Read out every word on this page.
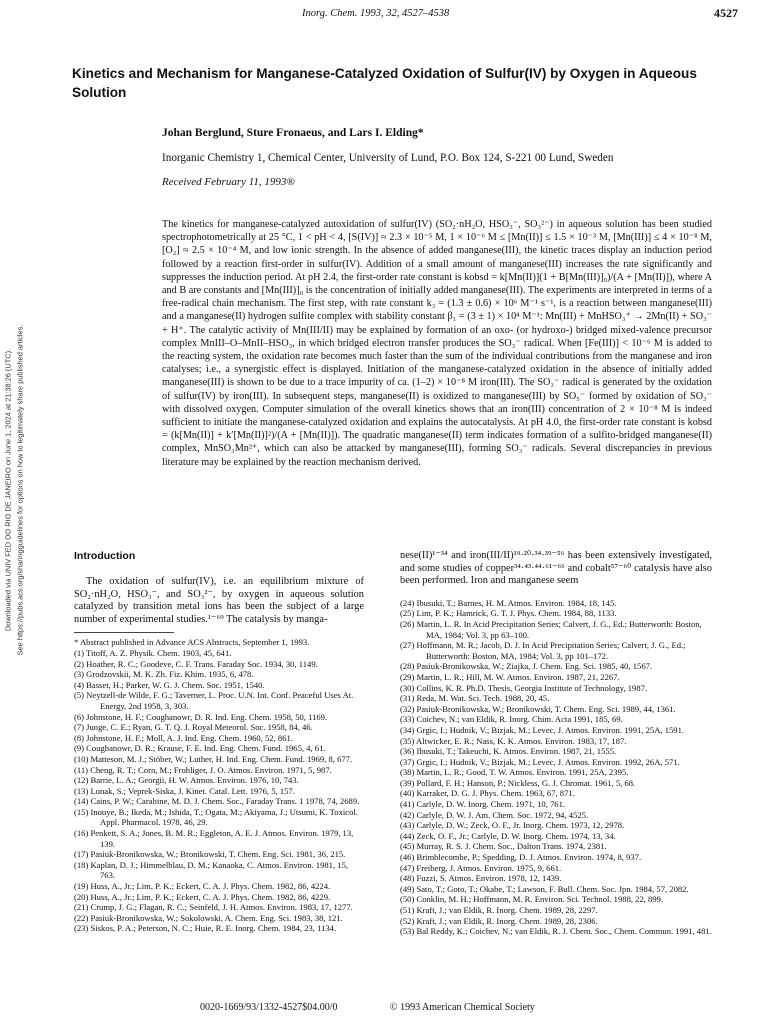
Inorg. Chem. 1993, 32, 4527–4538	4527
Kinetics and Mechanism for Manganese-Catalyzed Oxidation of Sulfur(IV) by Oxygen in Aqueous Solution
Johan Berglund, Sture Fronaeus, and Lars I. Elding*
Inorganic Chemistry 1, Chemical Center, University of Lund, P.O. Box 124, S-221 00 Lund, Sweden
Received February 11, 1993®
The kinetics for manganese-catalyzed autoxidation of sulfur(IV) (SO₂·nH₂O, HSO₃⁻, SO₃²⁻) in aqueous solution has been studied spectrophotometrically at 25 °C, 1 < pH < 4, [S(IV)] ≈ 2.3 × 10⁻⁵ M, 1 × 10⁻⁶ M ≤ [Mn(II)] ≤ 1.5 × 10⁻³ M, [Mn(III)] ≤ 4 × 10⁻⁸ M, [O₂] ≈ 2.5 × 10⁻⁴ M, and low ionic strength. In the absence of added manganese(III), the kinetic traces display an induction period followed by a reaction first-order in sulfur(IV). Addition of a small amount of manganese(III) increases the rate significantly and suppresses the induction period. At pH 2.4, the first-order rate constant is kobsd = k[Mn(II)](1 + B[Mn(III)]₀)/(A + [Mn(II)]), where A and B are constants and [Mn(III)]₀ is the concentration of initially added manganese(III). The experiments are interpreted in terms of a free-radical chain mechanism. The first step, with rate constant k₃ = (1.3 ± 0.6) × 10⁶ M⁻¹ s⁻¹, is a reaction between manganese(III) and a manganese(II) hydrogen sulfite complex with stability constant β₁ = (3 ± 1) × 10⁴ M⁻¹: Mn(III) + MnHSO₃⁺ → 2Mn(II) + SO₃⁻ + H⁺. The catalytic activity of Mn(III/II) may be explained by formation of an oxo- (or hydroxo-) bridged mixed-valence precursor complex MnIII–O–MnII–HSO₃, in which bridged electron transfer produces the SO₃⁻ radical. When [Fe(III)] < 10⁻⁶ M is added to the reacting system, the oxidation rate becomes much faster than the sum of the individual contributions from the manganese and iron catalyses; i.e., a synergistic effect is displayed. Initiation of the manganese-catalyzed oxidation in the absence of initially added manganese(III) is shown to be due to a trace impurity of ca. (1–2) × 10⁻⁸ M iron(III). The SO₃⁻ radical is generated by the oxidation of sulfur(IV) by iron(III). In subsequent steps, manganese(II) is oxidized to manganese(III) by SO₅⁻ formed by oxidation of SO₃⁻ with dissolved oxygen. Computer simulation of the overall kinetics shows that an iron(III) concentration of 2 × 10⁻⁸ M is indeed sufficient to initiate the manganese-catalyzed oxidation and explains the autocatalysis. At pH 4.0, the first-order rate constant is kobsd = (k[Mn(II)] + k′[Mn(II)]²)/(A + [Mn(II)]). The quadratic manganese(II) term indicates formation of a sulfito-bridged manganese(II) complex, MnSO₃Mn²⁺, which can also be attacked by manganese(III), forming SO₃⁻ radicals. Several discrepancies in previous literature may be explained by the reaction mechanism derived.
Downloaded via UNIV FED DO RIO DE JANEIRO on June 1, 2024 at 21:38:26 (UTC). See https://pubs.acs.org/sharingguidelines for options on how to legitimately share published articles.	Introduction

The oxidation of sulfur(IV), i.e. an equilibrium mixture of SO₂·nH₂O, HSO₃⁻, and SO₃²⁻, by oxygen in aqueous solution catalyzed by transition metal ions has been the subject of a large number of experimental studies.¹⁻⁶⁹ The catalysis by manga-

* Abstract published in Advance ACS Abstracts, September 1, 1993.
(1) Titoff, A. Z. Physik. Chem. 1903, 45, 641.
(2) Hoather, R. C.; Goodeve, C. F. Trans. Faraday Soc. 1934, 30, 1149.
(3) Grodzovskii, M. K. Zh. Fiz. Khim. 1935, 6, 478.
(4) Basset, H.; Parker, W. G. J. Chem. Soc. 1951, 1540.
(5) Neytzell-de Wilde, F. G.; Taverner, L. Proc. U.N. Int. Conf. Peaceful Uses At. Energy, 2nd 1958, 3, 303.
(6) Johnstone, H. F.; Coughanowr, D. R. Ind. Eng. Chem. 1958, 50, 1169.
(7) Junge, C. E.; Ryan, G. T. Q. J. Royal Meteorol. Soc. 1958, 84, 46.
(8) Johnstone, H. F.; Moll, A. J. Ind. Eng. Chem. 1960, 52, 861.
(9) Coughanowr, D. R.; Krause, F. E. Ind. Eng. Chem. Fund. 1965, 4, 61.
(10) Matteson, M. J.; Stöber, W.; Luther, H. Ind. Eng. Chem. Fund. 1969, 8, 677.
(11) Cheng, R. T.; Corn, M.; Frohliger, J. O. Atmos. Environ. 1971, 5, 987.
(12) Barrie, L. A.; Georgii, H. W. Atmos. Environ. 1976, 10, 743.
(13) Lunak, S.; Veprek-Siska, J. Kinet. Catal. Lett. 1976, 5, 157.
(14) Cains, P. W.; Carabine, M. D. J. Chem. Soc., Faraday Trans. 1 1978, 74, 2689.
(15) Inouye, B.; Ikeda, M.; Ishida, T.; Ogata, M.; Akiyama, J.; Utsumi, K. Toxicol. Appl. Pharmacol. 1978, 46, 29.
(16) Penkett, S. A.; Jones, B. M. R.; Eggleton, A. E. J. Atmos. Environ. 1979, 13, 139.
(17) Pasiuk-Bronikowska, W.; Bronikowski, T. Chem. Eng. Sci. 1981, 36, 215.
(18) Kaplan, D. J.; Himmelblau, D. M.; Kanaoka, C. Atmos. Environ. 1981, 15, 763.
(19) Huss, A., Jr.; Lim, P. K.; Eckert, C. A. J. Phys. Chem. 1982, 86, 4224.
(20) Huss, A., Jr.; Lim, P. K.; Eckert, C. A. J. Phys. Chem. 1982, 86, 4229.
(21) Crump, J. G.; Flagan, R. C.; Seinfeld, J. H. Atmos. Environ. 1983, 17, 1277.
(22) Pasiuk-Bronikowska, W.; Sokolowski, A. Chem. Eng. Sci. 1983, 38, 121.
(23) Siskos, P. A.; Peterson, N. C.; Huie, R. E. Inorg. Chem. 1984, 23, 1134.

nese(II)¹⁻³⁴ and iron(III/II)¹⁹·²⁰·³⁴·³⁹⁻⁵⁶ has been extensively investigated, and some studies of copper³⁴·⁴³·⁴⁴·⁶¹⁻⁶⁶ and cobalt⁵⁷⁻⁶⁰ catalysis have also been performed. Iron and manganese seem

(24) Ibusuki, T.; Barnes, H. M. Atmos. Environ. 1984, 18, 145.
(25) Lim, P. K.; Hamrick, G. T. J. Phys. Chem. 1984, 88, 1133.
(26) Martin, L. R. In Acid Precipitation Series; Calvert, J. G., Ed.; Butterworth: Boston, MA, 1984; Vol. 3, pp 63–100.
(27) Hoffmann, M. R.; Jacob, D. J. In Acid Precipitation Series; Calvert, J. G., Ed.; Butterworth: Boston, MA, 1984; Vol. 3, pp 101–172.
(28) Pasiuk-Bronikowska, W.; Ziajka, J. Chem. Eng. Sci. 1985, 40, 1567.
(29) Martin, L. R.; Hill, M. W. Atmos. Environ. 1987, 21, 2267.
(30) Collins, K. R. Ph.D. Thesis, Georgia Institute of Technology, 1987.
(31) Reda, M. Wat. Sci. Tech. 1988, 20, 45.
(32) Pasiuk-Bronikowska, W.; Bronikowski, T. Chem. Eng. Sci. 1989, 44, 1361.
(33) Coichev, N.; van Eldik, R. Inorg. Chim. Acta 1991, 185, 69.
(34) Grgic, I.; Hudnik, V.; Bizjak, M.; Levec, J. Atmos. Environ. 1991, 25A, 1591.
(35) Altwicker, E. R.; Nass, K. K. Atmos. Environ. 1983, 17, 187.
(36) Ibusuki, T.; Takeuchi, K. Atmos. Environ. 1987, 21, 1555.
(37) Grgic, I.; Hudnik, V.; Bizjak, M.; Levec, J. Atmos. Environ. 1992, 26A, 571.
(38) Martin, L. R.; Good, T. W. Atmos. Environ. 1991, 25A, 2395.
(39) Pollard, F. H.; Hanson, P.; Nickless, G. J. Chromat. 1961, 5, 68.
(40) Karraker, D. G. J. Phys. Chem. 1963, 67, 871.
(41) Carlyle, D. W. Inorg. Chem. 1971, 10, 761.
(42) Carlyle, D. W. J. Am. Chem. Soc. 1972, 94, 4525.
(43) Carlyle, D. W.; Zeck, O. F., Jr. Inorg. Chem. 1973, 12, 2978.
(44) Zeck, O. F., Jr.; Carlyle, D. W. Inorg. Chem. 1974, 13, 34.
(45) Murray, R. S. J. Chem. Soc., Dalton Trans. 1974, 2381.
(46) Brimblecombe, P.; Spedding, D. J. Atmos. Environ. 1974, 8, 937.
(47) Freiberg, J. Atmos. Environ. 1975, 9, 661.
(48) Fuzzi, S. Atmos. Environ. 1978, 12, 1439.
(49) Sato, T.; Goto, T.; Okabe, T.; Lawson, F. Bull. Chem. Soc. Jpn. 1984, 57, 2082.
(50) Conklin, M. H.; Hoffmann, M. R. Environ. Sci. Technol. 1988, 22, 899.
(51) Kraft, J.; van Eldik, R. Inorg. Chem. 1989, 28, 2297.
(52) Kraft, J.; van Eldik, R. Inorg. Chem. 1989, 28, 2306.
(53) Bal Reddy, K.; Coichev, N.; van Eldik, R. J. Chem. Soc., Chem. Commun. 1991, 481.
0020-1669/93/1332-4527$04.00/0	© 1993 American Chemical Society
